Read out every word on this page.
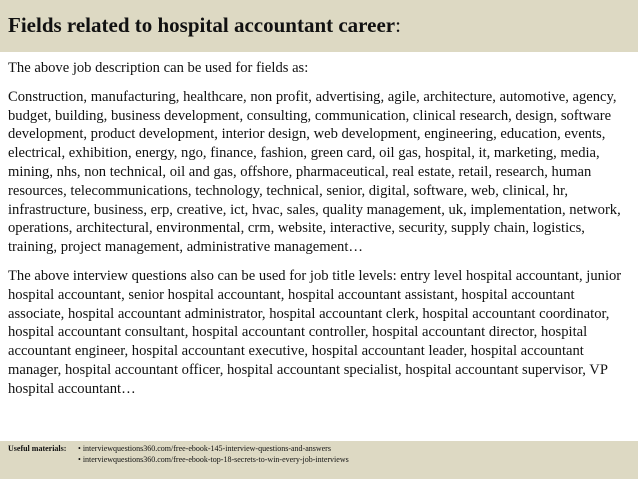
Fields related to hospital accountant career:

The above job description can be used for fields as:

Construction, manufacturing, healthcare, non profit, advertising, agile, architecture, automotive, agency, budget, building, business development, consulting, communication, clinical research, design, software development, product development, interior design, web development, engineering, education, events, electrical, exhibition, energy, ngo, finance, fashion, green card, oil gas, hospital, it, marketing, media, mining, nhs, non technical, oil and gas, offshore, pharmaceutical, real estate, retail, research, human resources, telecommunications, technology, technical, senior, digital, software, web, clinical, hr, infrastructure, business, erp, creative, ict, hvac, sales, quality management, uk, implementation, network, operations, architectural, environmental, crm, website, interactive, security, supply chain, logistics, training, project management, administrative management…

The above interview questions also can be used for job title levels: entry level hospital accountant, junior hospital accountant, senior hospital accountant, hospital accountant assistant, hospital accountant associate, hospital accountant administrator, hospital accountant clerk, hospital accountant coordinator, hospital accountant consultant, hospital accountant controller, hospital accountant director, hospital accountant engineer, hospital accountant executive, hospital accountant leader, hospital accountant manager, hospital accountant officer, hospital accountant specialist, hospital accountant supervisor, VP hospital accountant…

Useful materials:	• interviewquestions360.com/free-ebook-145-interview-questions-and-answers
• interviewquestions360.com/free-ebook-top-18-secrets-to-win-every-job-interviews
